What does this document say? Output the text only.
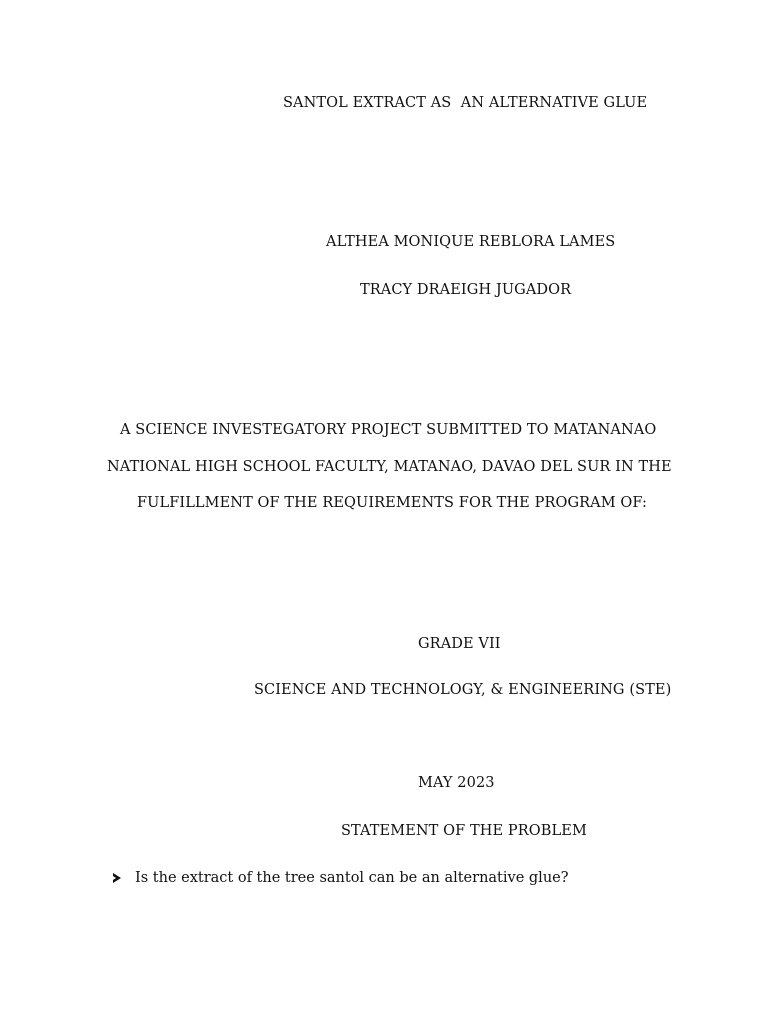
SANTOL EXTRACT AS  AN ALTERNATIVE GLUE
ALTHEA MONIQUE REBLORA LAMES
TRACY DRAEIGH JUGADOR
A SCIENCE INVESTEGATORY PROJECT SUBMITTED TO MATANANAO
NATIONAL HIGH SCHOOL FACULTY, MATANAO, DAVAO DEL SUR IN THE
FULFILLMENT OF THE REQUIREMENTS FOR THE PROGRAM OF:
GRADE VII
SCIENCE AND TECHNOLOGY, & ENGINEERING (STE)
MAY 2023
STATEMENT OF THE PROBLEM
Is the extract of the tree santol can be an alternative glue?
